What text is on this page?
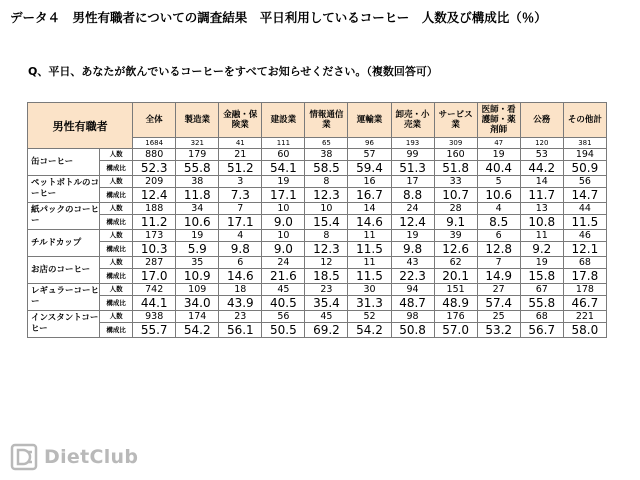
データ４　男性有職者についての調査結果　平日利用しているコーヒー　人数及び構成比（％）
Q、平日、あなたが飲んでいるコーヒーをすべてお知らせください。（複数回答可）
男性有職者		全体	製造業	金融・保険業	建設業	情報通信業	運輸業	卸売・小売業	サービス業	医師・看護師・薬剤師	公務	その他計
		1684	321	41	111	65	96	193	309	47	120	381
缶コーヒー	人数	880	179	21	60	38	57	99	160	19	53	194
	構成比	52.3	55.8	51.2	54.1	58.5	59.4	51.3	51.8	40.4	44.2	50.9
ペットボトルのコーヒー	人数	209	38	3	19	8	16	17	33	5	14	56
	構成比	12.4	11.8	7.3	17.1	12.3	16.7	8.8	10.7	10.6	11.7	14.7
紙パックのコーヒー	人数	188	34	7	10	10	14	24	28	4	13	44
	構成比	11.2	10.6	17.1	9.0	15.4	14.6	12.4	9.1	8.5	10.8	11.5
チルドカップ	人数	173	19	4	10	8	11	19	39	6	11	46
	構成比	10.3	5.9	9.8	9.0	12.3	11.5	9.8	12.6	12.8	9.2	12.1
お店のコーヒー	人数	287	35	6	24	12	11	43	62	7	19	68
	構成比	17.0	10.9	14.6	21.6	18.5	11.5	22.3	20.1	14.9	15.8	17.8
レギュラーコーヒー	人数	742	109	18	45	23	30	94	151	27	67	178
	構成比	44.1	34.0	43.9	40.5	35.4	31.3	48.7	48.9	57.4	55.8	46.7
インスタントコーヒー	人数	938	174	23	56	45	52	98	176	25	68	221
	構成比	55.7	54.2	56.1	50.5	69.2	54.2	50.8	57.0	53.2	56.7	58.0
DietClub
